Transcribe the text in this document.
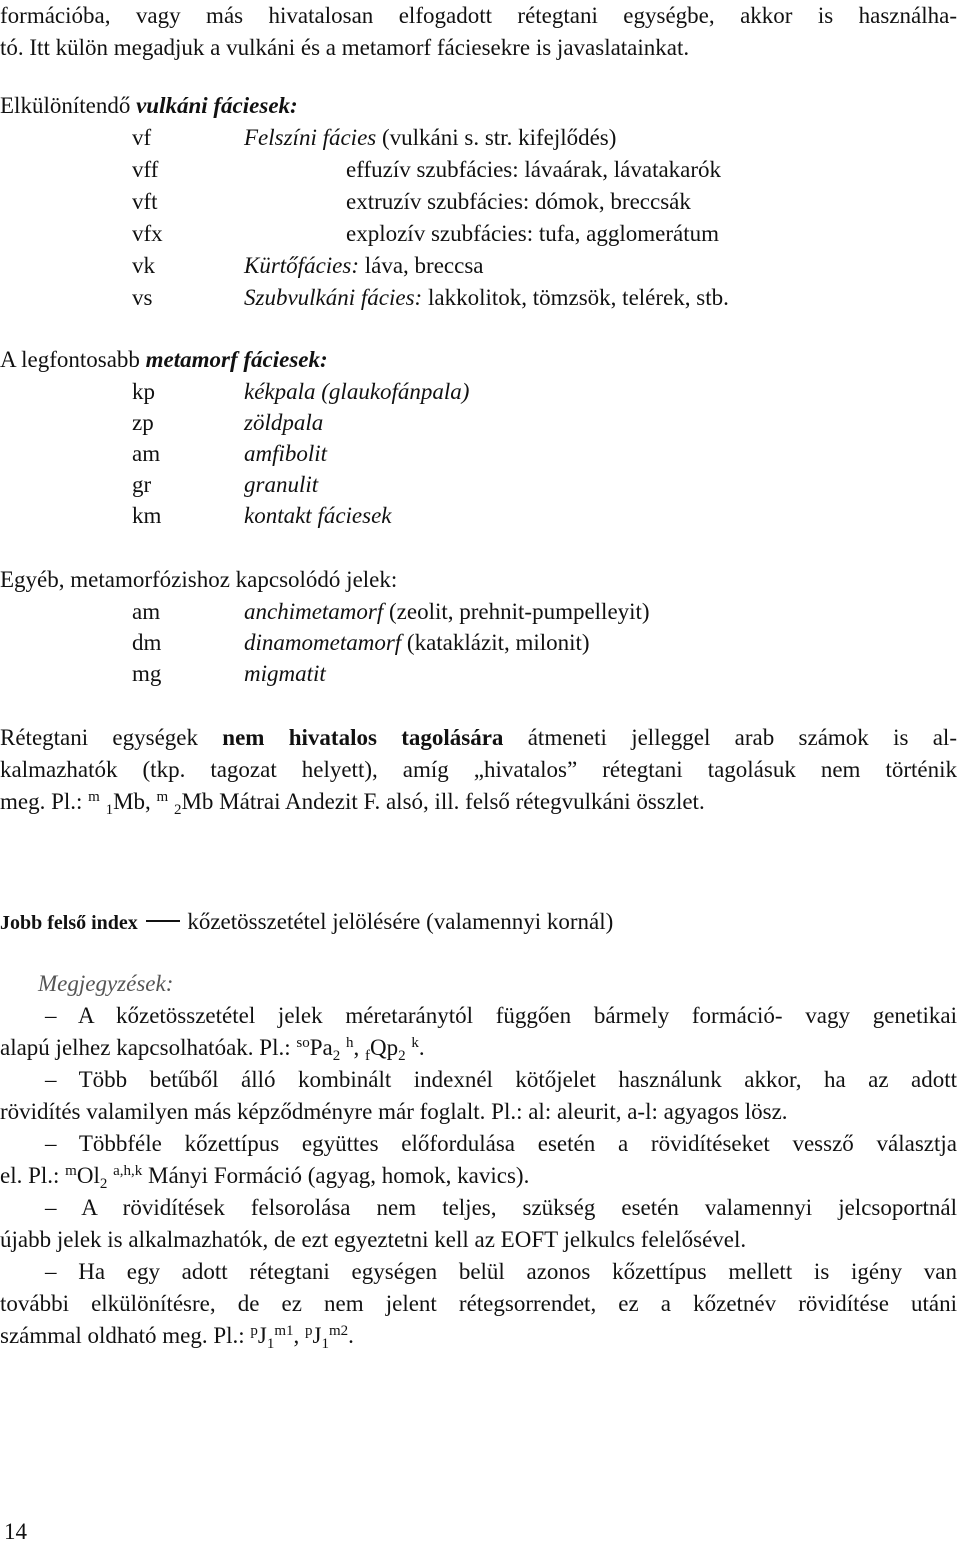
formációba, vagy más hivatalosan elfogadott rétegtani egységbe, akkor is használha-
tó. Itt külön megadjuk a vulkáni és a metamorf fáciesekre is javaslatainkat.
Elkülönítendő vulkáni fáciesek:
vf	Felszíni fácies (vulkáni s. str. kifejlődés)
vff	effuzív szubfácies: lávaárak, lávatakarók
vft	extruzív szubfácies: dómok, breccsák
vfx	explozív szubfácies: tufa, agglomerátum
vk	Kürtőfácies: láva, breccsa
vs	Szubvulkáni fácies: lakkolitok, tömzsök, telérek, stb.
A legfontosabb metamorf fáciesek:
kp	kékpala (glaukofánpala)
zp	zöldpala
am	amfibolit
gr	granulit
km	kontakt fáciesek
Egyéb, metamorfózishoz kapcsolódó jelek:
am	anchimetamorf (zeolit, prehnit-pumpelleyit)
dm	dinamometamorf (kataklázit, milonit)
mg	migmatit
Rétegtani egységek nem hivatalos tagolására átmeneti jelleggel arab számok is al-
kalmazhatók (tkp. tagozat helyett), amíg „hivatalos” rétegtani tagolásuk nem történik
meg. Pl.: $^m$ $_1$Mb, $^m$ $_2$Mb Mátrai Andezit F. alsó, ill. felső rétegvulkáni összlet.
Jobb felső index  kőzetösszetétel jelölésére (valamennyi kornál)
Megjegyzések:
– A kőzetösszetétel jelek méretaránytól függően bármely formáció- vagy genetikai
alapú jelhez kapcsolhatóak. Pl.: $^{so}Pa_2$ $^h$, $_fQp_2$ $^k$.
– Több betűből álló kombinált indexnél kötőjelet használunk akkor, ha az adott
rövidítés valamilyen más képződményre már foglalt. Pl.: al: aleurit, a-l: agyagos lösz.
– Többféle kőzettípus együttes előfordulása esetén a rövidítéseket vessző választja
el. Pl.: $^mOl_2$ $^{a,h,k}$ Mányi Formáció (agyag, homok, kavics).
– A rövidítések felsorolása nem teljes, szükség esetén valamennyi jelcsoportnál
újabb jelek is alkalmazhatók, de ezt egyeztetni kell az EOFT jelkulcs felelősével.
– Ha egy adott rétegtani egységen belül azonos kőzettípus mellett is igény van
további elkülönítésre, de ez nem jelent rétegsorrendet, ez a kőzetnév rövidítése utáni
számmal oldható meg. Pl.: $^pJ_1^{m1}$, $^pJ_1^{m2}$.
14
